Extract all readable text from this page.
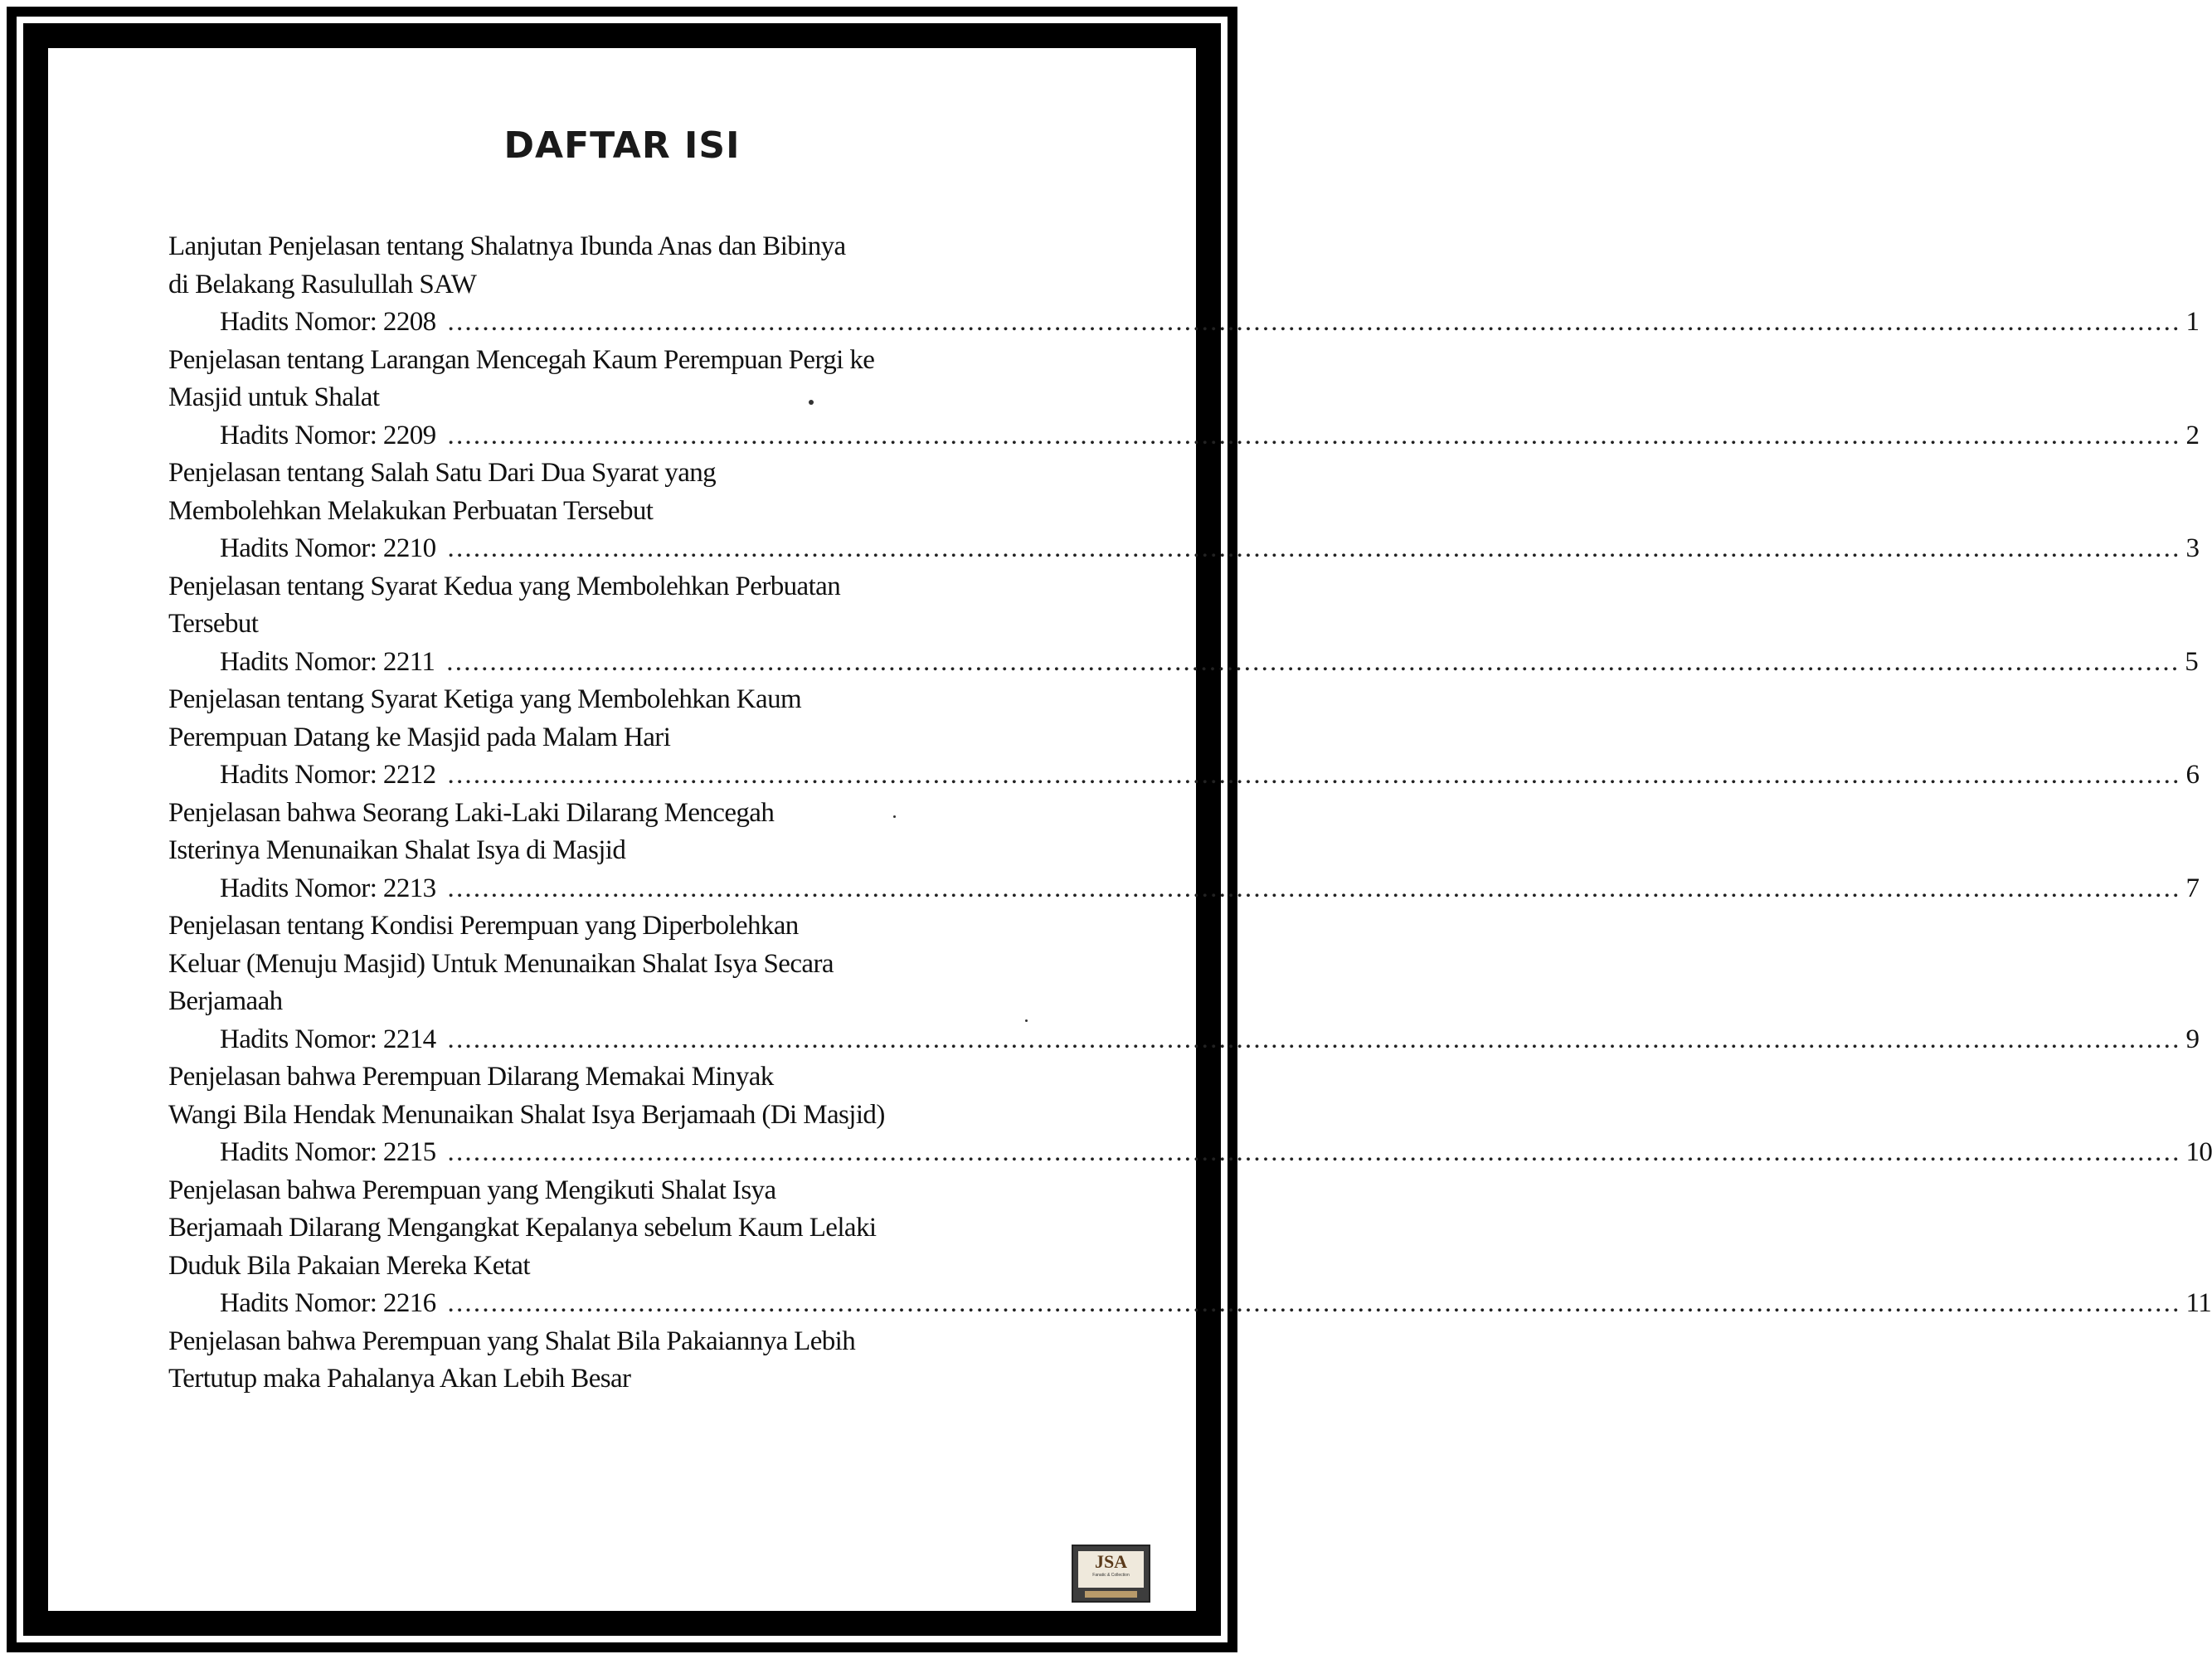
DAFTAR ISI
Lanjutan Penjelasan tentang Shalatnya Ibunda Anas dan Bibinya
di Belakang Rasulullah SAW
Hadits Nomor: 2208 ........................................................................................................................................................................................................ 1
Penjelasan tentang Larangan Mencegah Kaum Perempuan Pergi ke
Masjid untuk Shalat
Hadits Nomor: 2209 ........................................................................................................................................................................................................ 2
Penjelasan tentang Salah Satu Dari Dua Syarat yang
Membolehkan Melakukan Perbuatan Tersebut
Hadits Nomor: 2210 ........................................................................................................................................................................................................ 3
Penjelasan tentang Syarat Kedua yang Membolehkan Perbuatan
Tersebut
Hadits Nomor: 2211 ........................................................................................................................................................................................................ 5
Penjelasan tentang Syarat Ketiga yang Membolehkan Kaum
Perempuan Datang ke Masjid pada Malam Hari
Hadits Nomor: 2212 ........................................................................................................................................................................................................ 6
Penjelasan bahwa Seorang Laki-Laki Dilarang Mencegah
Isterinya Menunaikan Shalat Isya di Masjid
Hadits Nomor: 2213 ........................................................................................................................................................................................................ 7
Penjelasan tentang Kondisi Perempuan yang Diperbolehkan
Keluar (Menuju Masjid) Untuk Menunaikan Shalat Isya Secara
Berjamaah
Hadits Nomor: 2214 ........................................................................................................................................................................................................ 9
Penjelasan bahwa Perempuan Dilarang Memakai Minyak
Wangi Bila Hendak Menunaikan Shalat Isya Berjamaah (Di Masjid)
Hadits Nomor: 2215 ........................................................................................................................................................................................................ 10
Penjelasan bahwa Perempuan yang Mengikuti Shalat Isya
Berjamaah Dilarang Mengangkat Kepalanya sebelum Kaum Lelaki
Duduk Bila Pakaian Mereka Ketat
Hadits Nomor: 2216 ........................................................................................................................................................................................................ 11
Penjelasan bahwa Perempuan yang Shalat Bila Pakaiannya Lebih
Tertutup maka Pahalanya Akan Lebih Besar
JSA
Fanatic & Collection
